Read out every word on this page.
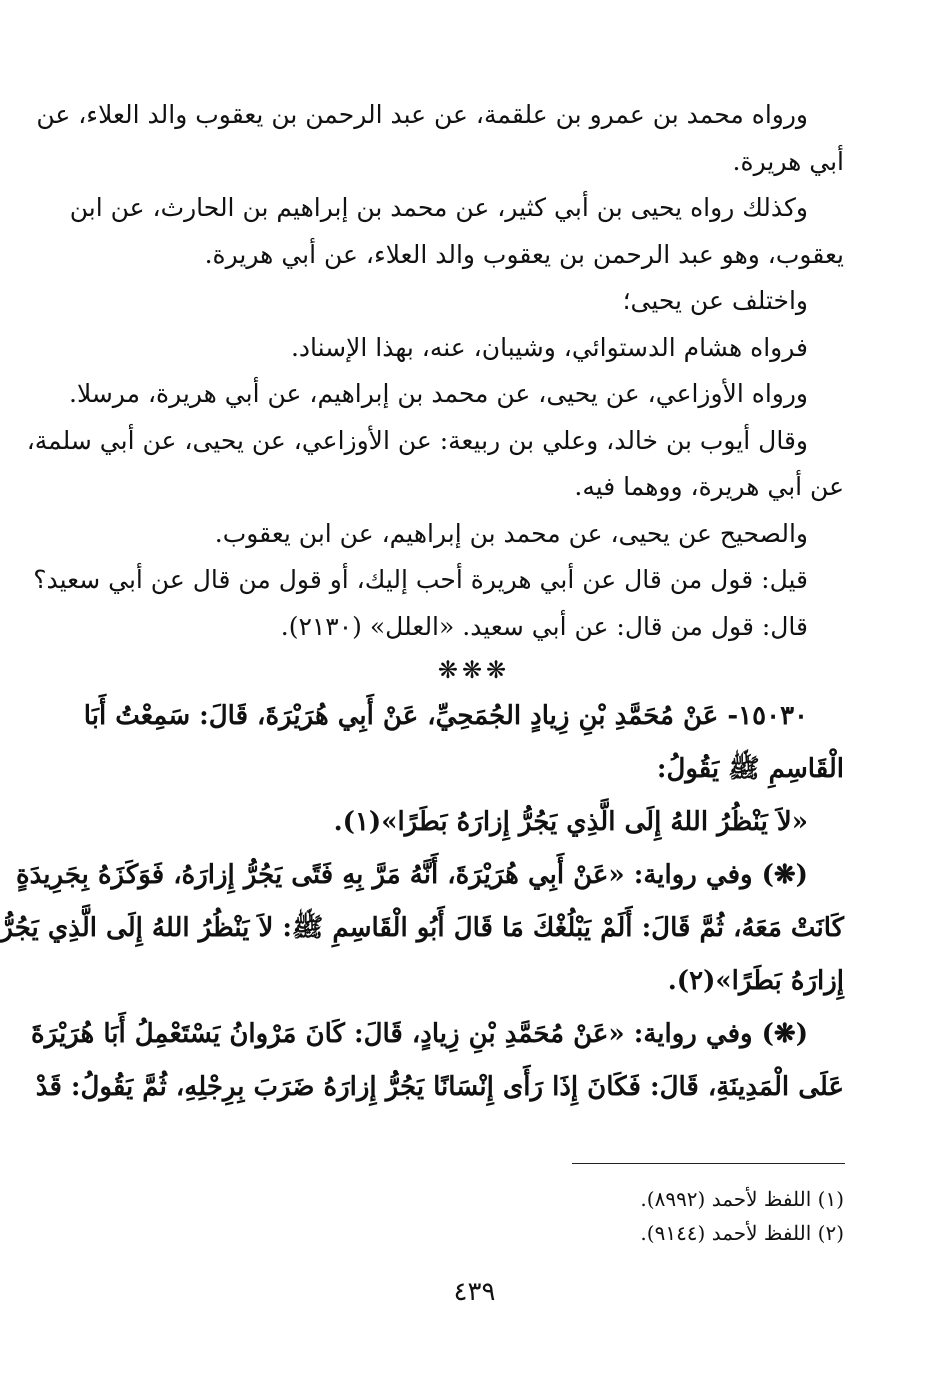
ورواه محمد بن عمرو بن علقمة، عن عبد الرحمن بن يعقوب والد العلاء، عن
أبي هريرة.
وكذلك رواه يحيى بن أبي كثير، عن محمد بن إبراهيم بن الحارث، عن ابن
يعقوب، وهو عبد الرحمن بن يعقوب والد العلاء، عن أبي هريرة.
واختلف عن يحيى؛
فرواه هشام الدستوائي، وشيبان، عنه، بهذا الإسناد.
ورواه الأوزاعي، عن يحيى، عن محمد بن إبراهيم، عن أبي هريرة، مرسلا.
وقال أيوب بن خالد، وعلي بن ربيعة: عن الأوزاعي، عن يحيى، عن أبي سلمة،
عن أبي هريرة، ووهما فيه.
والصحيح عن يحيى، عن محمد بن إبراهيم، عن ابن يعقوب.
قيل: قول من قال عن أبي هريرة أحب إليك، أو قول من قال عن أبي سعيد؟
قال: قول من قال: عن أبي سعيد. «العلل» (٢١٣٠).
❋❋❋
١٥٠٣٠- عَنْ مُحَمَّدِ بْنِ زِيادٍ الجُمَحِيِّ، عَنْ أَبِي هُرَيْرَةَ، قَالَ: سَمِعْتُ أَبَا
الْقَاسِمِ ﷺ يَقُولُ:
«لاَ يَنْظُرُ اللهُ إِلَى الَّذِي يَجُرُّ إِزارَهُ بَطَرًا»(١).
(❋) وفي رواية: «عَنْ أَبِي هُرَيْرَةَ، أَنَّهُ مَرَّ بِهِ فَتًى يَجُرُّ إِزارَهُ، فَوَكَزَهُ بِجَرِيدَةٍ
كَانَتْ مَعَهُ، ثُمَّ قَالَ: أَلَمْ يَبْلُغْكَ مَا قَالَ أَبُو الْقَاسِمِ ﷺ: لاَ يَنْظُرُ اللهُ إِلَى الَّذِي يَجُرُّ
إِزارَهُ بَطَرًا»(٢).
(❋) وفي رواية: «عَنْ مُحَمَّدِ بْنِ زِيادٍ، قَالَ: كَانَ مَرْوانُ يَسْتَعْمِلُ أَبَا هُرَيْرَةَ
عَلَى الْمَدِينَةِ، قَالَ: فَكَانَ إِذَا رَأَى إِنْسَانًا يَجُرُّ إِزارَهُ ضَرَبَ بِرِجْلِهِ، ثُمَّ يَقُولُ: قَدْ
(١) اللفظ لأحمد (٨٩٩٢).
(٢) اللفظ لأحمد (٩١٤٤).
٤٣٩
